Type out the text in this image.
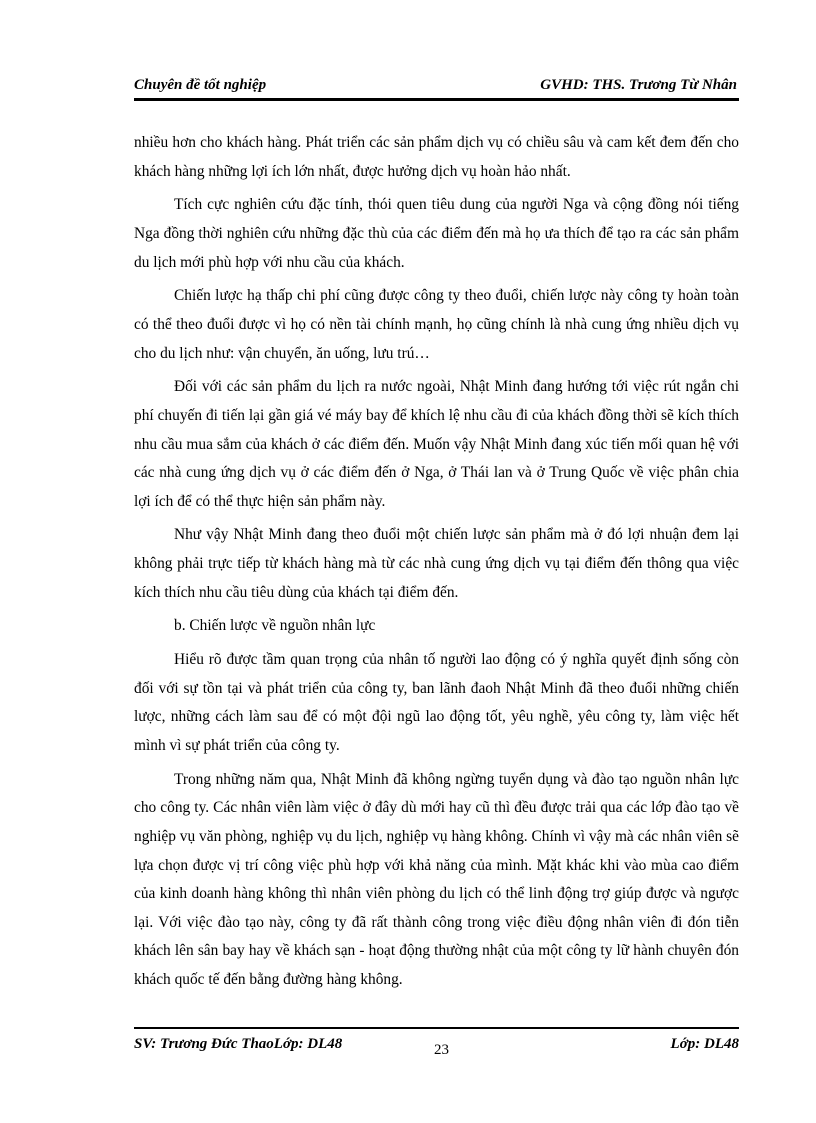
Chuyên đề tốt nghiệp	GVHD: THS. Trương Từ Nhân

nhiều hơn cho khách hàng. Phát triển các sản phẩm dịch vụ có chiều sâu và cam kết đem đến cho khách hàng những lợi ích lớn nhất, được hưởng dịch vụ hoàn hảo nhất.

Tích cực nghiên cứu đặc tính, thói quen tiêu dung của người Nga và cộng đồng nói tiếng Nga đồng thời nghiên cứu những đặc thù của các điểm đến mà họ ưa thích để tạo ra các sản phẩm du lịch mới phù hợp với nhu cầu của khách.

Chiến lược hạ thấp chi phí cũng được công ty theo đuổi, chiến lược này công ty hoàn toàn có thể theo đuổi được vì họ có nền tài chính mạnh, họ cũng chính là nhà cung ứng nhiều dịch vụ cho du lịch như: vận chuyển, ăn uống, lưu trú…

Đối với các sản phẩm du lịch ra nước ngoài, Nhật Minh đang hướng tới việc rút ngắn chi phí chuyến đi tiến lại gần giá vé máy bay để khích lệ nhu cầu đi của khách đồng thời sẽ kích thích nhu cầu mua sắm của khách ở các điểm đến. Muốn vậy Nhật Minh đang xúc tiến mối quan hệ với các nhà cung ứng dịch vụ ở các điểm đến ở Nga, ở Thái lan và ở Trung Quốc về việc phân chia lợi ích để có thể thực hiện sản phẩm này.

Như vậy Nhật Minh đang theo đuổi một chiến lược sản phẩm mà ở đó lợi nhuận đem lại không phải trực tiếp từ khách hàng mà từ các nhà cung ứng dịch vụ tại điểm đến thông qua việc kích thích nhu cầu tiêu dùng của khách tại điểm đến.

b. Chiến lược về nguồn nhân lực

Hiểu rõ được tầm quan trọng của nhân tố người lao động có ý nghĩa quyết định sống còn đối với sự tồn tại và phát triển của công ty, ban lãnh đaoh Nhật Minh đã theo đuổi những chiến lược, những cách làm sau để có một đội ngũ lao động tốt, yêu nghề, yêu công ty, làm việc hết mình vì sự phát triển của công ty.

Trong những năm qua, Nhật Minh đã không ngừng tuyển dụng và đào tạo nguồn nhân lực cho công ty. Các nhân viên làm việc ở đây dù mới hay cũ thì đều được trải qua các lớp đào tạo về nghiệp vụ văn phòng, nghiệp vụ du lịch, nghiệp vụ hàng không. Chính vì vậy mà các nhân viên sẽ lựa chọn được vị trí công việc phù hợp với khả năng của mình. Mặt khác khi vào mùa cao điểm của kinh doanh hàng không thì nhân viên phòng du lịch có thể linh động trợ giúp được và ngược lại. Với việc đào tạo này, công ty đã rất thành công trong việc điều động nhân viên đi đón tiễn khách lên sân bay hay về khách sạn - hoạt động thường nhật của một công ty lữ hành chuyên đón khách quốc tế đến bằng đường hàng không.

SV: Trương Đức ThaoLớp: DL48	23	Lớp: DL48
